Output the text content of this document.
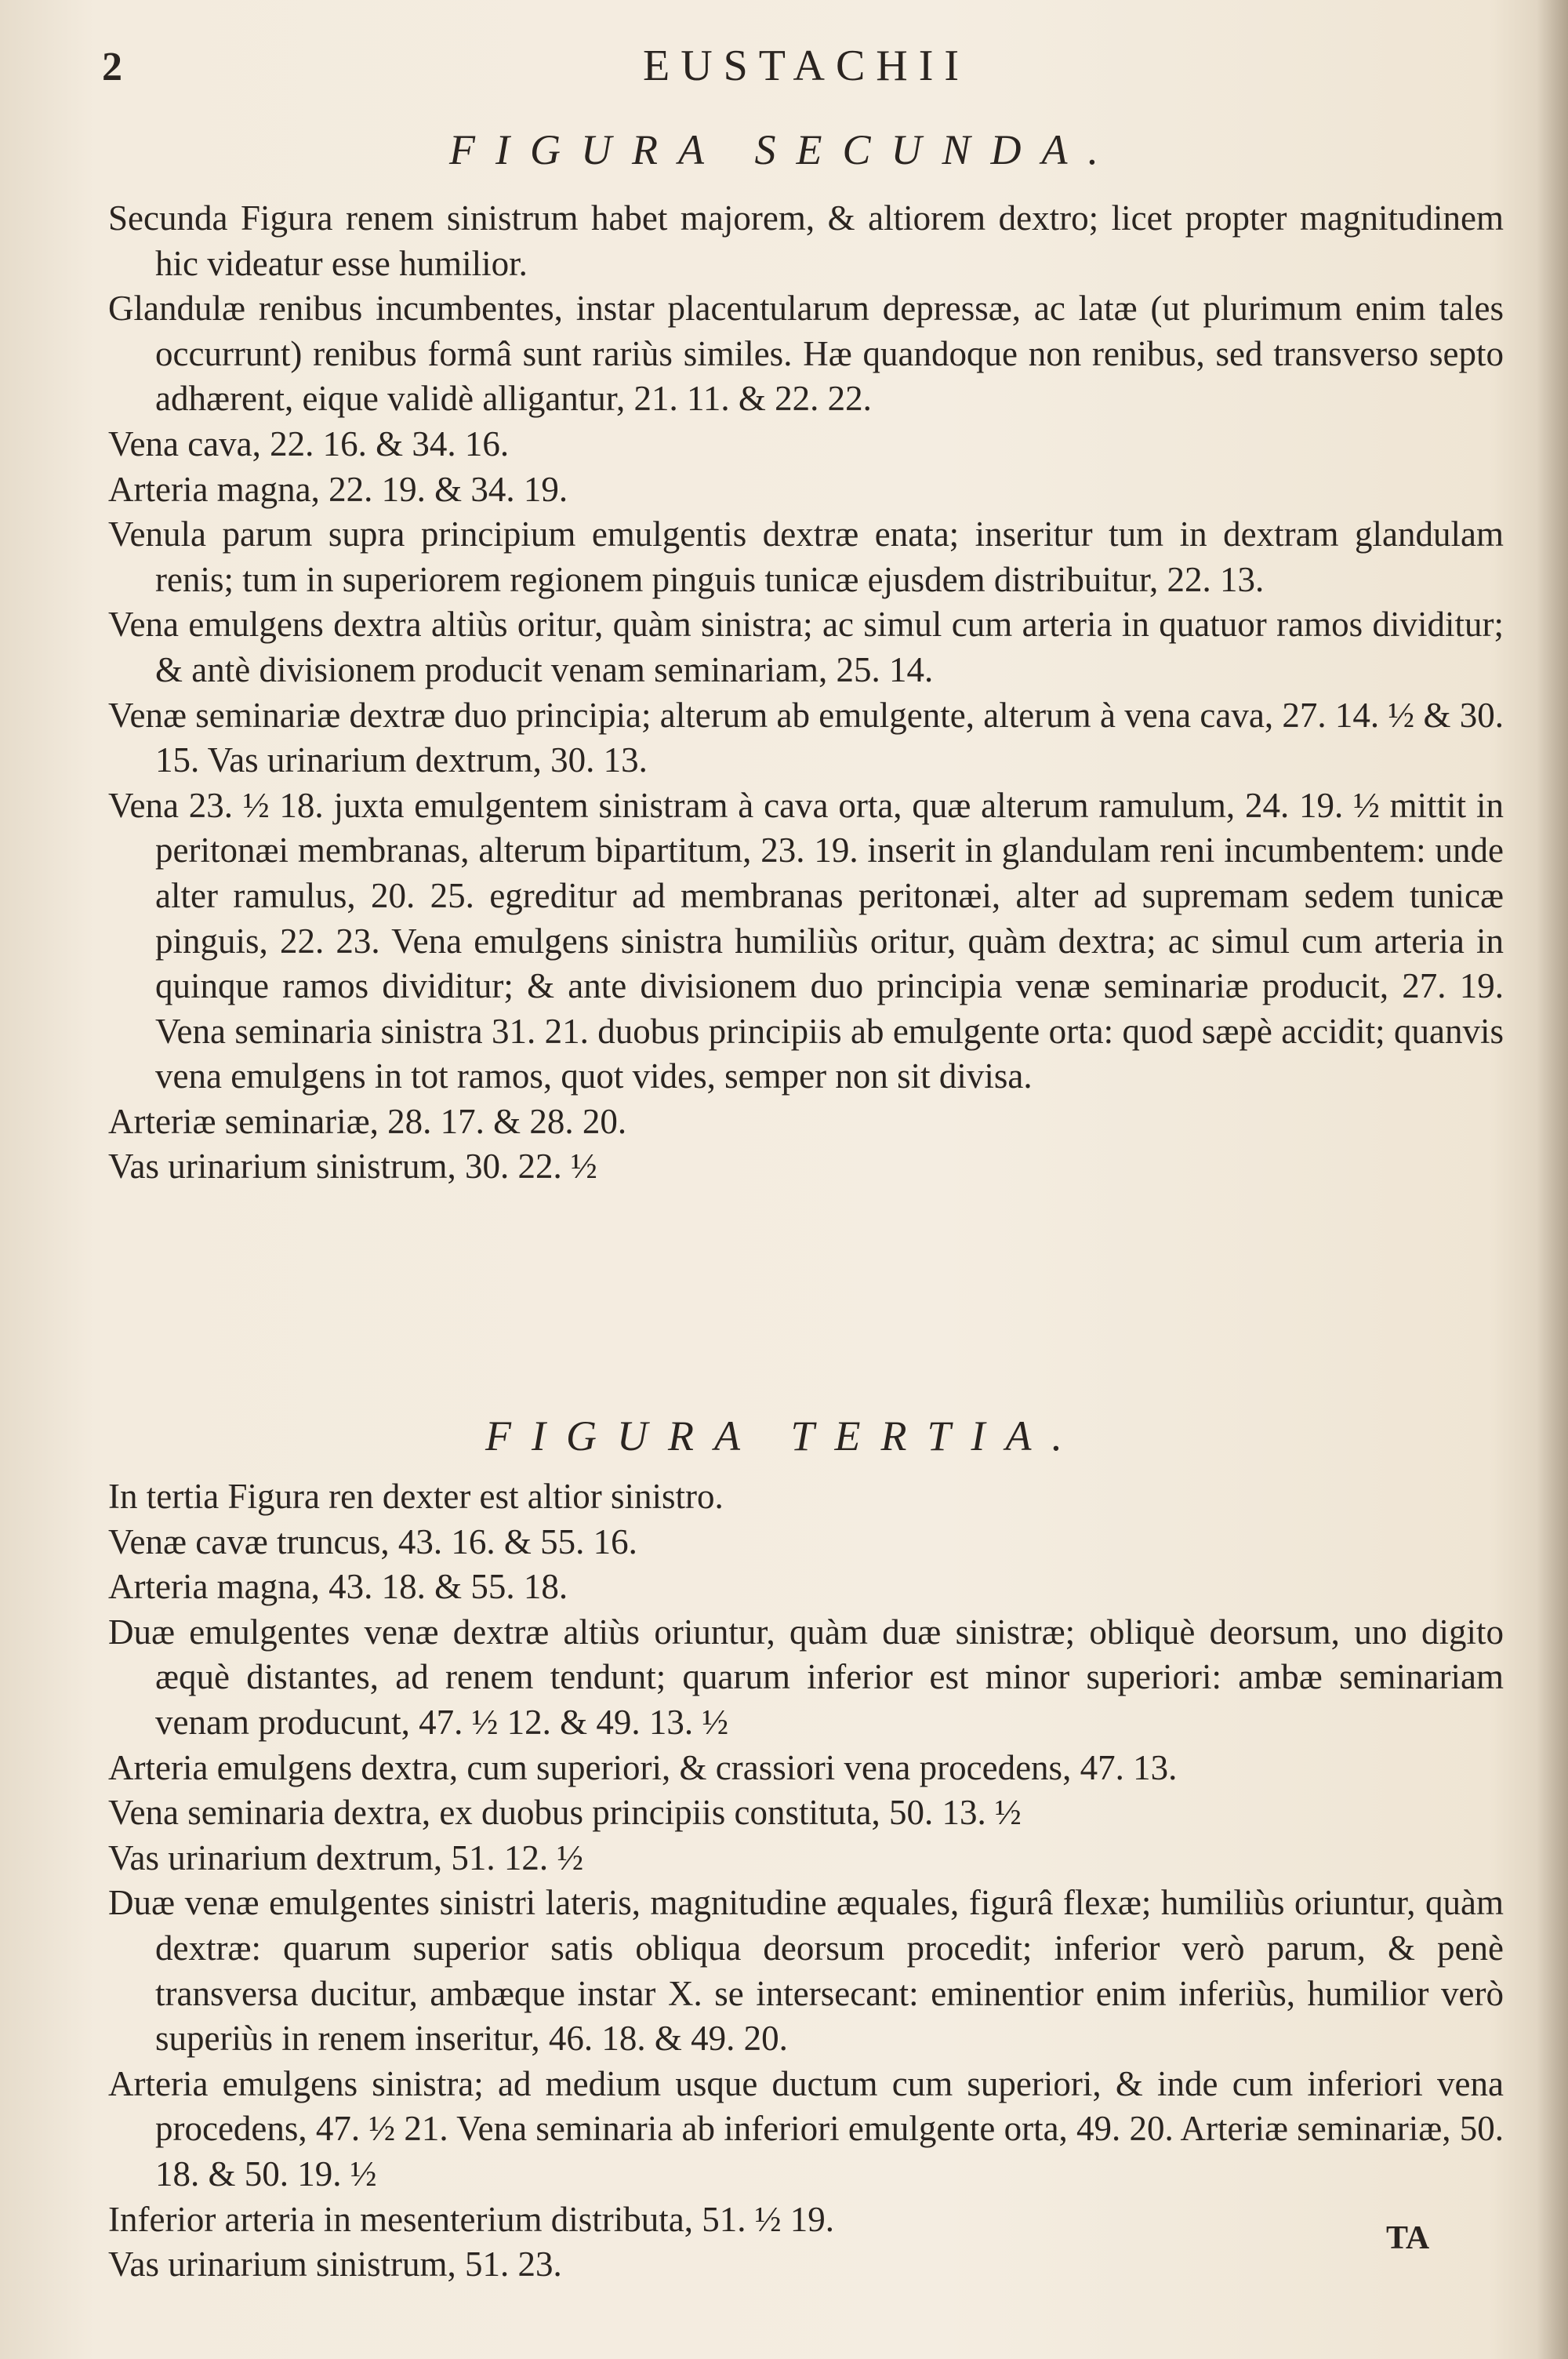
2	EUSTACHII
FIGURA SECUNDA.

Secunda Figura renem sinistrum habet majorem, & altiorem dextro; licet propter magnitudinem hic videatur esse humilior.

Glandulæ renibus incumbentes, instar placentularum depressæ, ac latæ (ut plurimum enim tales occurrunt) renibus formâ sunt rariùs similes. Hæ quandoque non renibus, sed transverso septo adhærent, eique validè alligantur, 21. 11. & 22. 22.

Vena cava, 22. 16. & 34. 16.

Arteria magna, 22. 19. & 34. 19.

Venula parum supra principium emulgentis dextræ enata; inseritur tum in dextram glandulam renis; tum in superiorem regionem pinguis tunicæ ejusdem distribuitur, 22. 13.

Vena emulgens dextra altiùs oritur, quàm sinistra; ac simul cum arteria in quatuor ramos dividitur; & antè divisionem producit venam seminariam, 25. 14.

Venæ seminariæ dextræ duo principia; alterum ab emulgente, alterum à vena cava, 27. 14. ½ & 30. 15. Vas urinarium dextrum, 30. 13.

Vena 23. ½ 18. juxta emulgentem sinistram à cava orta, quæ alterum ramulum, 24. 19. ½ mittit in peritonæi membranas, alterum bipartitum, 23. 19. inserit in glandulam reni incumbentem: unde alter ramulus, 20. 25. egreditur ad membranas peritonæi, alter ad supremam sedem tunicæ pinguis, 22. 23. Vena emulgens sinistra humiliùs oritur, quàm dextra; ac simul cum arteria in quinque ramos dividitur; & ante divisionem duo principia venæ seminariæ producit, 27. 19. Vena seminaria sinistra 31. 21. duobus principiis ab emulgente orta: quod sæpè accidit; quanvis vena emulgens in tot ramos, quot vides, semper non sit divisa.

Arteriæ seminariæ, 28. 17. & 28. 20.

Vas urinarium sinistrum, 30. 22. ½

FIGURA TERTIA.

In tertia Figura ren dexter est altior sinistro.

Venæ cavæ truncus, 43. 16. & 55. 16.

Arteria magna, 43. 18. & 55. 18.

Duæ emulgentes venæ dextræ altiùs oriuntur, quàm duæ sinistræ; obliquè deorsum, uno digito æquè distantes, ad renem tendunt; quarum inferior est minor superiori: ambæ seminariam venam producunt, 47. ½ 12. & 49. 13. ½

Arteria emulgens dextra, cum superiori, & crassiori vena procedens, 47. 13.

Vena seminaria dextra, ex duobus principiis constituta, 50. 13. ½

Vas urinarium dextrum, 51. 12. ½

Duæ venæ emulgentes sinistri lateris, magnitudine æquales, figurâ flexæ; humiliùs oriuntur, quàm dextræ: quarum superior satis obliqua deorsum procedit; inferior verò parum, & penè transversa ducitur, ambæque instar X. se intersecant: eminentior enim inferiùs, humilior verò superiùs in renem inseritur, 46. 18. & 49. 20.

Arteria emulgens sinistra; ad medium usque ductum cum superiori, & inde cum inferiori vena procedens, 47. ½ 21. Vena seminaria ab inferiori emulgente orta, 49. 20. Arteriæ seminariæ, 50. 18. & 50. 19. ½

Inferior arteria in mesenterium distributa, 51. ½ 19.

Vas urinarium sinistrum, 51. 23.

TA
